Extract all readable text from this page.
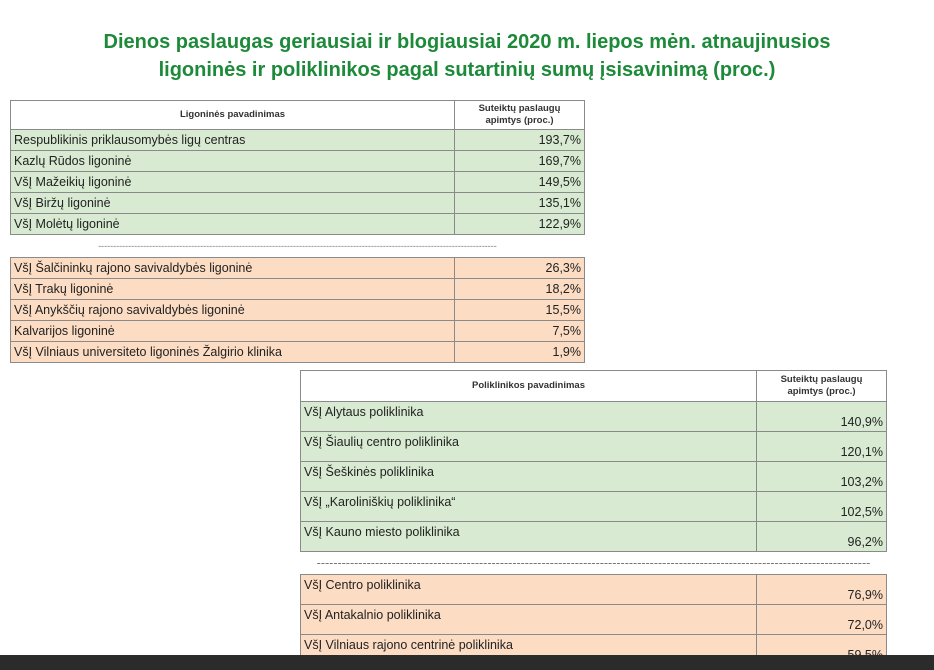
Dienos paslaugas geriausiai ir blogiausiai 2020 m. liepos mėn. atnaujinusios
ligoninės ir poliklinikos pagal sutartinių sumų įsisavinimą (proc.)
Ligoninės pavadinimas	Suteiktų paslaugų
apimtys (proc.)

Respublikinis priklausomybės ligų centras	193,7%
Kazlų Rūdos ligoninė	169,7%
VšĮ Mažeikių ligoninė	149,5%
VšĮ Biržų ligoninė	135,1%
VšĮ Molėtų ligoninė	122,9%
-------------------------------------------------------------------------------------------------------------------------------------	
VšĮ Šalčininkų rajono savivaldybės ligoninė	26,3%
VšĮ Trakų ligoninė	18,2%
VšĮ Anykščių rajono savivaldybės ligoninė	15,5%
Kalvarijos ligoninė	7,5%
VšĮ Vilniaus universiteto ligoninės Žalgirio klinika	1,9%
Poliklinikos pavadinimas	Suteiktų paslaugų
apimtys (proc.)

VšĮ Alytaus poliklinika	140,9%
VšĮ Šiaulių centro poliklinika	120,1%
VšĮ Šeškinės poliklinika	103,2%
VšĮ „Karoliniškių poliklinika“	102,5%
VšĮ Kauno miesto poliklinika	96,2%
-------------------------------------------------------------------------------------------------------------------------------------	
VšĮ Centro poliklinika	76,9%
VšĮ Antakalnio poliklinika	72,0%
VšĮ Vilniaus rajono centrinė poliklinika	
